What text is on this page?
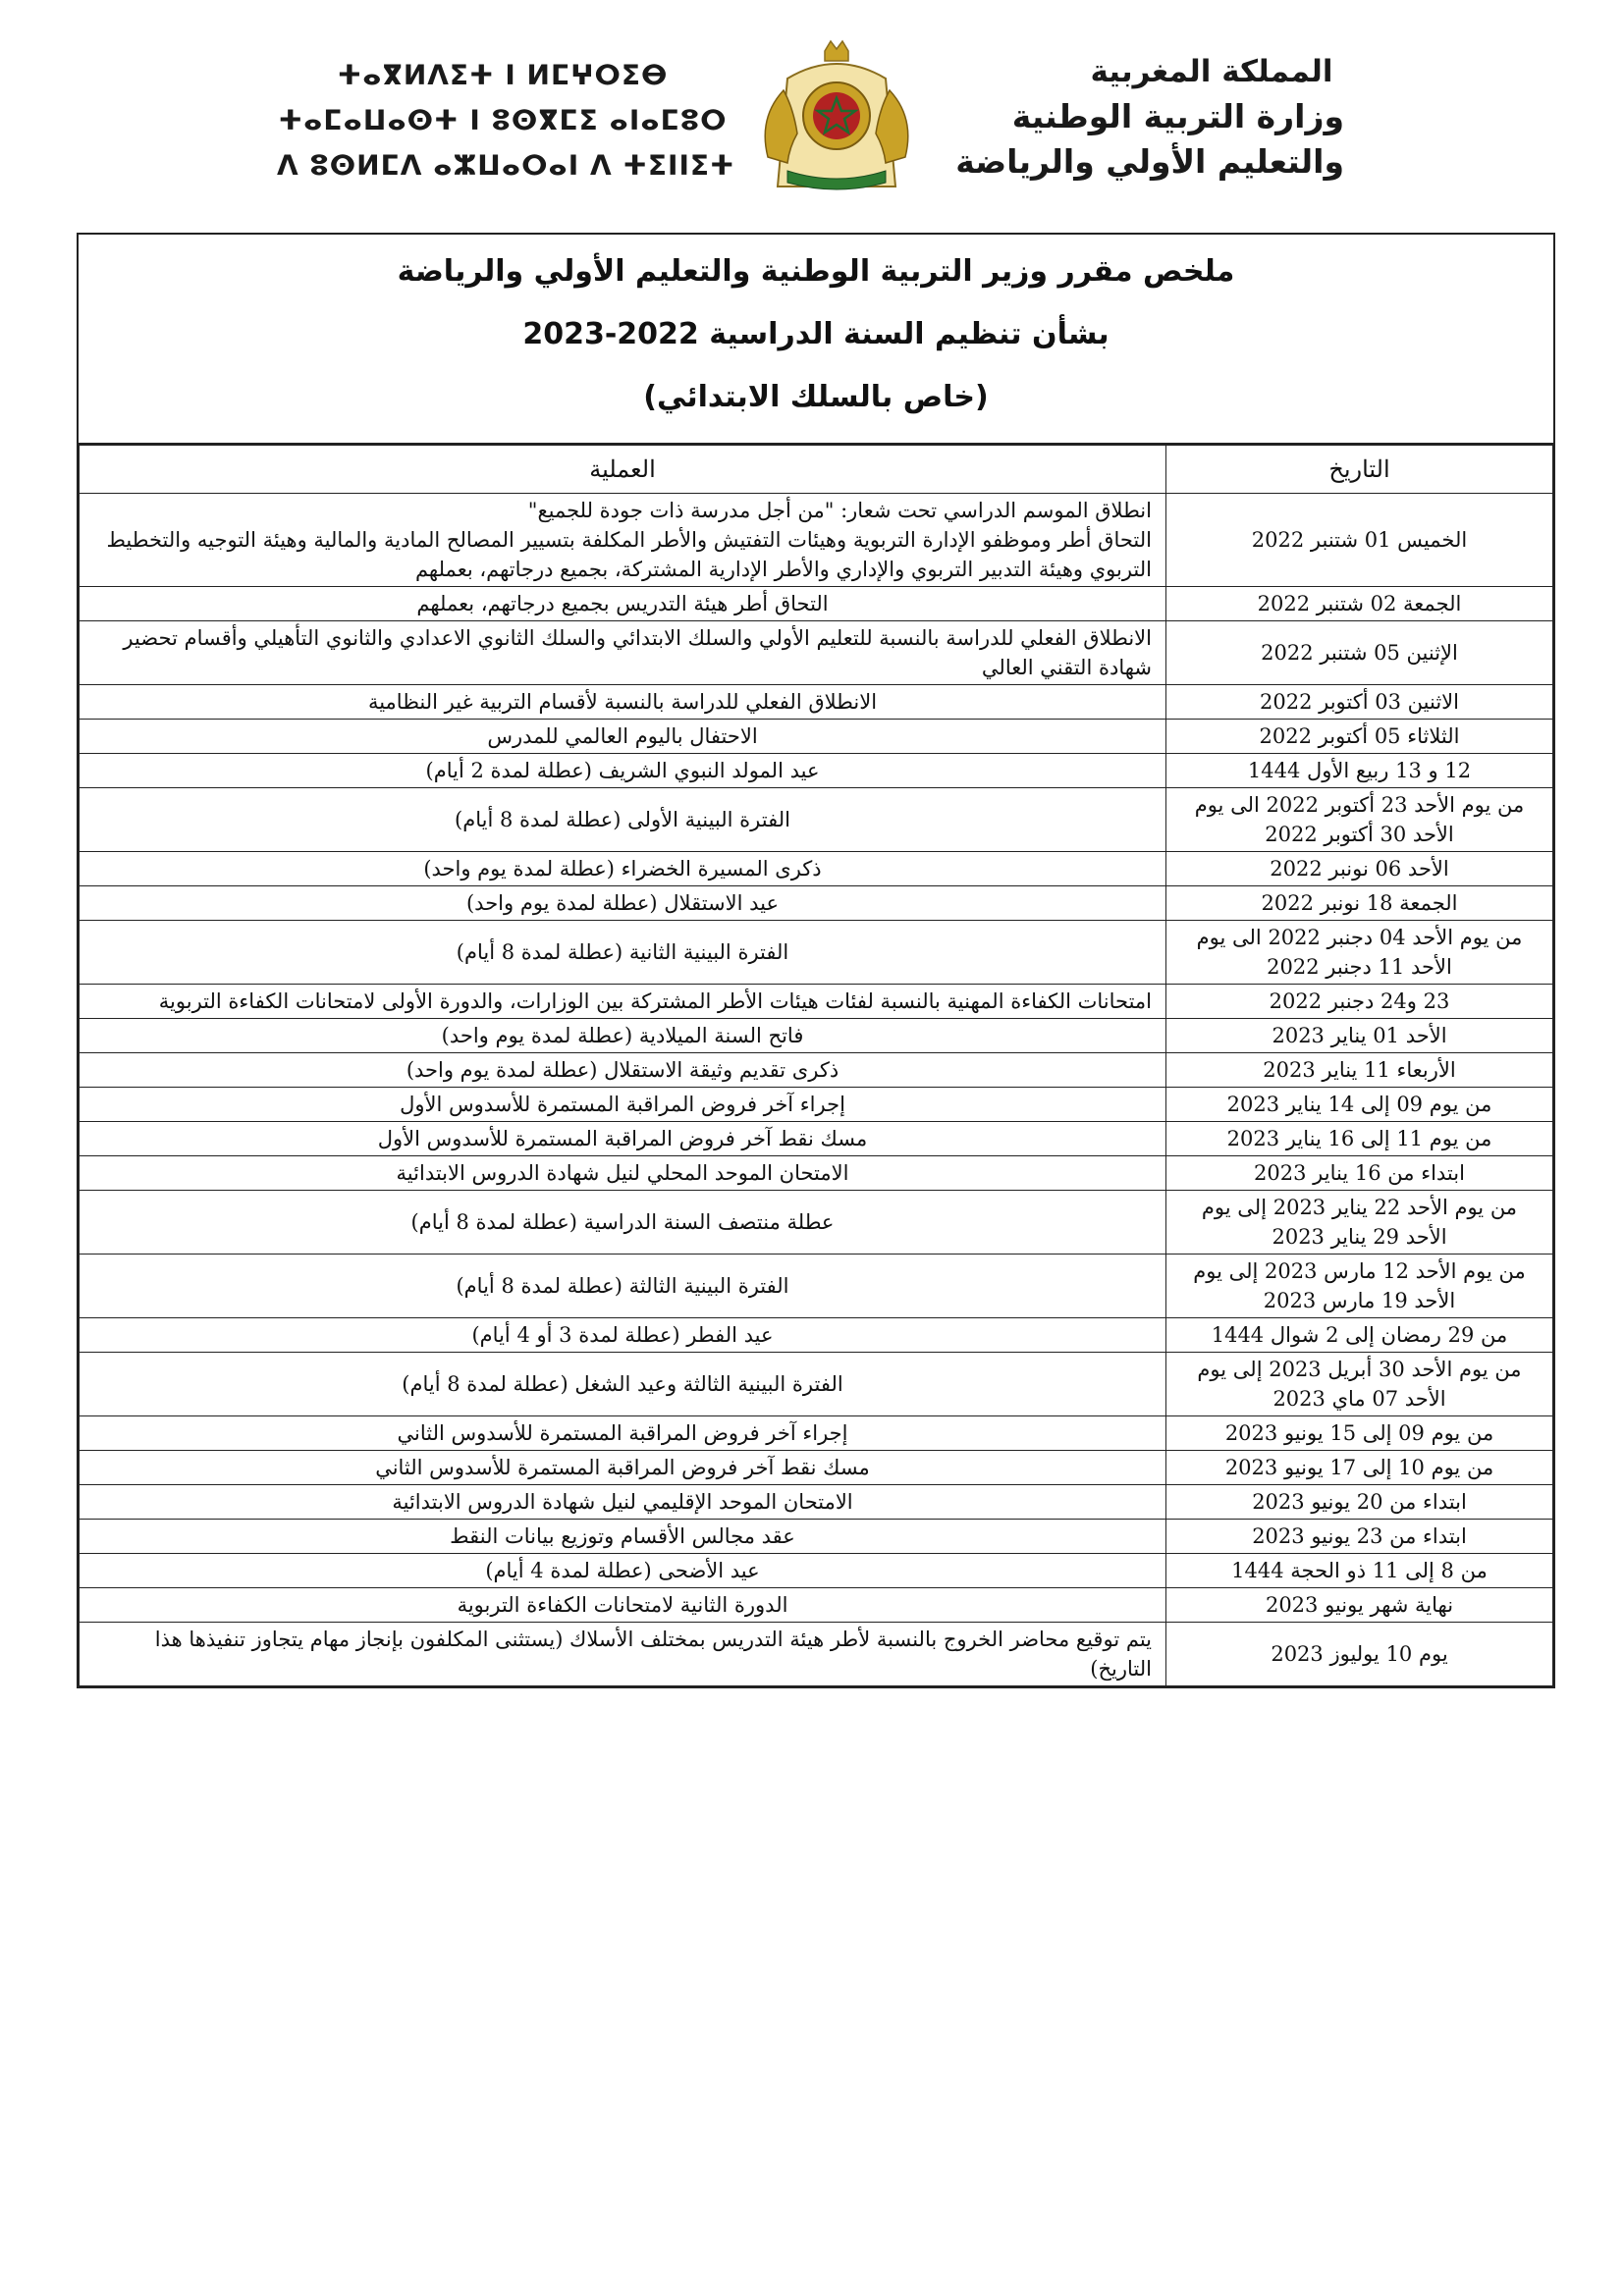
المملكة المغربية
وزارة التربية الوطنية
والتعليم الأولي والرياضة
ⵜⴰⴳⵍⴷⵉⵜ ⵏ ⵍⵎⵖⵔⵉⴱ
ⵜⴰⵎⴰⵡⴰⵙⵜ ⵏ ⵓⵙⴳⵎⵉ ⴰⵏⴰⵎⵓⵔ
ⴷ ⵓⵙⵍⵎⴷ ⴰⵣⵡⴰⵔⴰⵏ ⴷ ⵜⵉⵏⵏⵉⵜ
ملخص مقرر وزير التربية الوطنية والتعليم الأولي والرياضة
بشأن تنظيم السنة الدراسية 2022-2023
(خاص بالسلك الابتدائي)
التاريخ	العملية
الخميس 01 شتنبر 2022	انطلاق الموسم الدراسي تحت شعار: "من أجل مدرسة ذات جودة للجميع"
التحاق أطر وموظفو الإدارة التربوية وهيئات التفتيش والأطر المكلفة بتسيير المصالح المادية والمالية وهيئة التوجيه والتخطيط التربوي وهيئة التدبير التربوي والإداري والأطر الإدارية المشتركة، بجميع درجاتهم، بعملهم
الجمعة 02 شتنبر 2022	التحاق أطر هيئة التدريس بجميع درجاتهم، بعملهم
الإثنين 05 شتنبر 2022	الانطلاق الفعلي للدراسة بالنسبة للتعليم الأولي والسلك الابتدائي والسلك الثانوي الاعدادي والثانوي التأهيلي وأقسام تحضير شهادة التقني العالي
الاثنين 03 أكتوبر 2022	الانطلاق الفعلي للدراسة بالنسبة لأقسام التربية غير النظامية
الثلاثاء 05 أكتوبر 2022	الاحتفال باليوم العالمي للمدرس
12 و 13 ربيع الأول 1444	عيد المولد النبوي الشريف (عطلة لمدة 2 أيام)
من يوم الأحد 23 أكتوبر 2022 الى يوم الأحد 30 أكتوبر 2022	الفترة البينية الأولى (عطلة لمدة 8 أيام)
الأحد 06 نونبر 2022	ذكرى المسيرة الخضراء (عطلة لمدة يوم واحد)
الجمعة 18 نونبر 2022	عيد الاستقلال (عطلة لمدة يوم واحد)
من يوم الأحد 04 دجنبر 2022 الى يوم الأحد 11 دجنبر 2022	الفترة البينية الثانية (عطلة لمدة 8 أيام)
23 و24 دجنبر 2022	امتحانات الكفاءة المهنية بالنسبة لفئات هيئات الأطر المشتركة بين الوزارات، والدورة الأولى لامتحانات الكفاءة التربوية
الأحد 01 يناير 2023	فاتح السنة الميلادية (عطلة لمدة يوم واحد)
الأربعاء 11 يناير 2023	ذكرى تقديم وثيقة الاستقلال (عطلة لمدة يوم واحد)
من يوم 09 إلى 14 يناير 2023	إجراء آخر فروض المراقبة المستمرة للأسدوس الأول
من يوم 11 إلى 16 يناير 2023	مسك نقط آخر فروض المراقبة المستمرة للأسدوس الأول
ابتداء من 16 يناير 2023	الامتحان الموحد المحلي لنيل شهادة الدروس الابتدائية
من يوم الأحد 22 يناير 2023 إلى يوم الأحد 29 يناير 2023	عطلة منتصف السنة الدراسية (عطلة لمدة 8 أيام)
من يوم الأحد 12 مارس 2023 إلى يوم الأحد 19 مارس 2023	الفترة البينية الثالثة (عطلة لمدة 8 أيام)
من 29 رمضان إلى 2 شوال 1444	عيد الفطر (عطلة لمدة 3 أو 4 أيام)
من يوم الأحد 30 أبريل 2023 إلى يوم الأحد 07 ماي 2023	الفترة البينية الثالثة وعيد الشغل (عطلة لمدة 8 أيام)
من يوم 09 إلى 15 يونيو 2023	إجراء آخر فروض المراقبة المستمرة للأسدوس الثاني
من يوم 10 إلى 17 يونيو 2023	مسك نقط آخر فروض المراقبة المستمرة للأسدوس الثاني
ابتداء من 20 يونيو 2023	الامتحان الموحد الإقليمي لنيل شهادة الدروس الابتدائية
ابتداء من 23 يونيو 2023	عقد مجالس الأقسام وتوزيع بيانات النقط
من 8 إلى 11 ذو الحجة 1444	عيد الأضحى (عطلة لمدة 4 أيام)
نهاية شهر يونيو 2023	الدورة الثانية لامتحانات الكفاءة التربوية
يوم 10 يوليوز 2023	يتم توقيع محاضر الخروج بالنسبة لأطر هيئة التدريس بمختلف الأسلاك (يستثنى المكلفون بإنجاز مهام يتجاوز تنفيذها هذا التاريخ)
